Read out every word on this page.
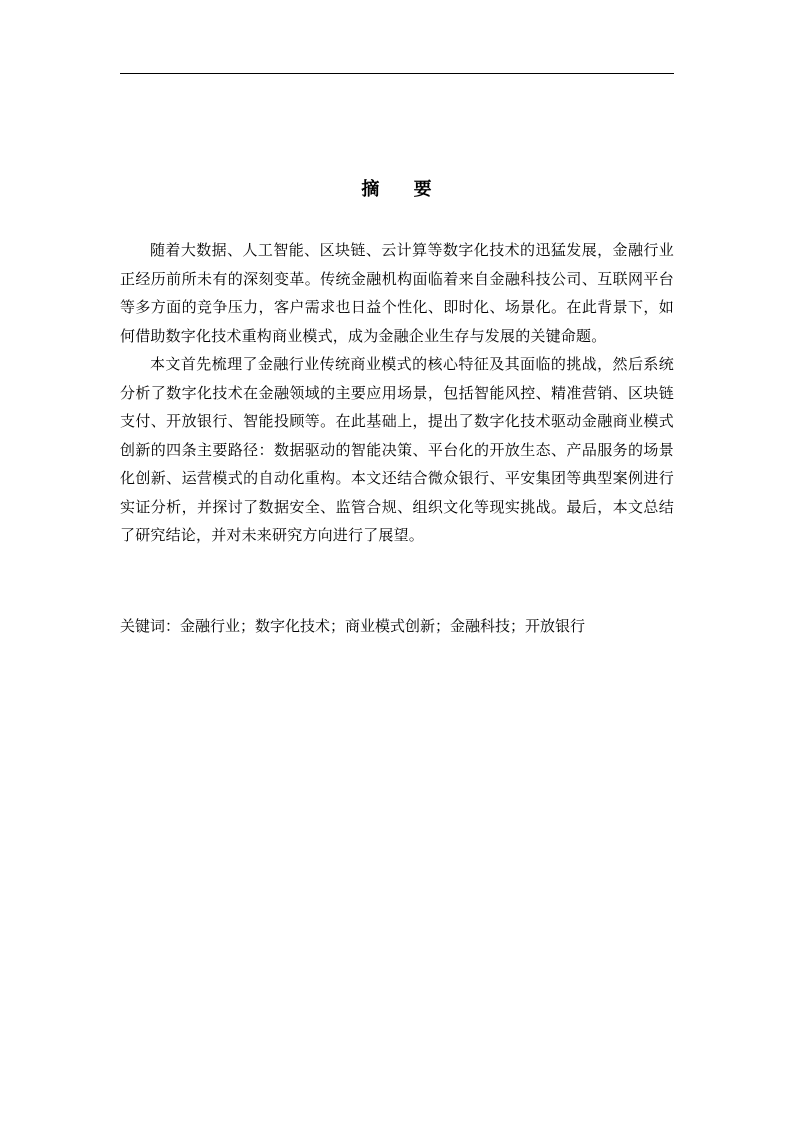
摘 要

随着大数据、人工智能、区块链、云计算等数字化技术的迅猛发展，金融行业正经历前所未有的深刻变革。传统金融机构面临着来自金融科技公司、互联网平台等多方面的竞争压力，客户需求也日益个性化、即时化、场景化。在此背景下，如何借助数字化技术重构商业模式，成为金融企业生存与发展的关键命题。

本文首先梳理了金融行业传统商业模式的核心特征及其面临的挑战，然后系统分析了数字化技术在金融领域的主要应用场景，包括智能风控、精准营销、区块链支付、开放银行、智能投顾等。在此基础上，提出了数字化技术驱动金融商业模式创新的四条主要路径：数据驱动的智能决策、平台化的开放生态、产品服务的场景化创新、运营模式的自动化重构。本文还结合微众银行、平安集团等典型案例进行实证分析，并探讨了数据安全、监管合规、组织文化等现实挑战。最后，本文总结了研究结论，并对未来研究方向进行了展望。

关键词：金融行业；数字化技术；商业模式创新；金融科技；开放银行
